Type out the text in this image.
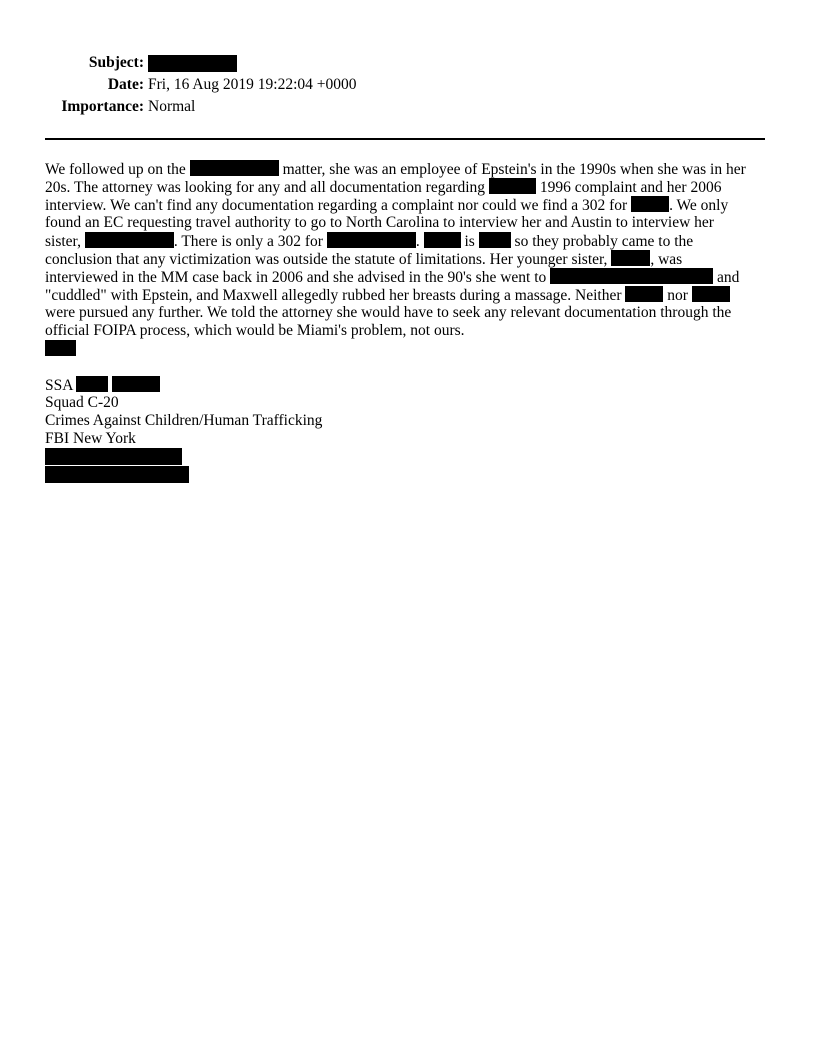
Subject:
Date: Fri, 16 Aug 2019 19:22:04 +0000
Importance: Normal
We followed up on the	matter, she was an employee of Epstein's in the 1990s when she was in her
20s. The attorney was looking for any and all documentation regarding	1996 complaint and her 2006
interview. We can't find any documentation regarding a complaint nor could we find a 302 for	. We only
found an EC requesting travel authority to go to North Carolina to interview her and Austin to interview her
sister,	. There is only a 302 for	.	is	so they probably came to the
conclusion that any victimization was outside the statute of limitations. Her younger sister,	, was
interviewed in the MM case back in 2006 and she advised in the 90's she went to	and
"cuddled" with Epstein, and Maxwell allegedly rubbed her breasts during a massage. Neither	nor
were pursued any further. We told the attorney she would have to seek any relevant documentation through the
official FOIPA process, which would be Miami's problem, not ours.
SSA
Squad C-20
Crimes Against Children/Human Trafficking
FBI New York
